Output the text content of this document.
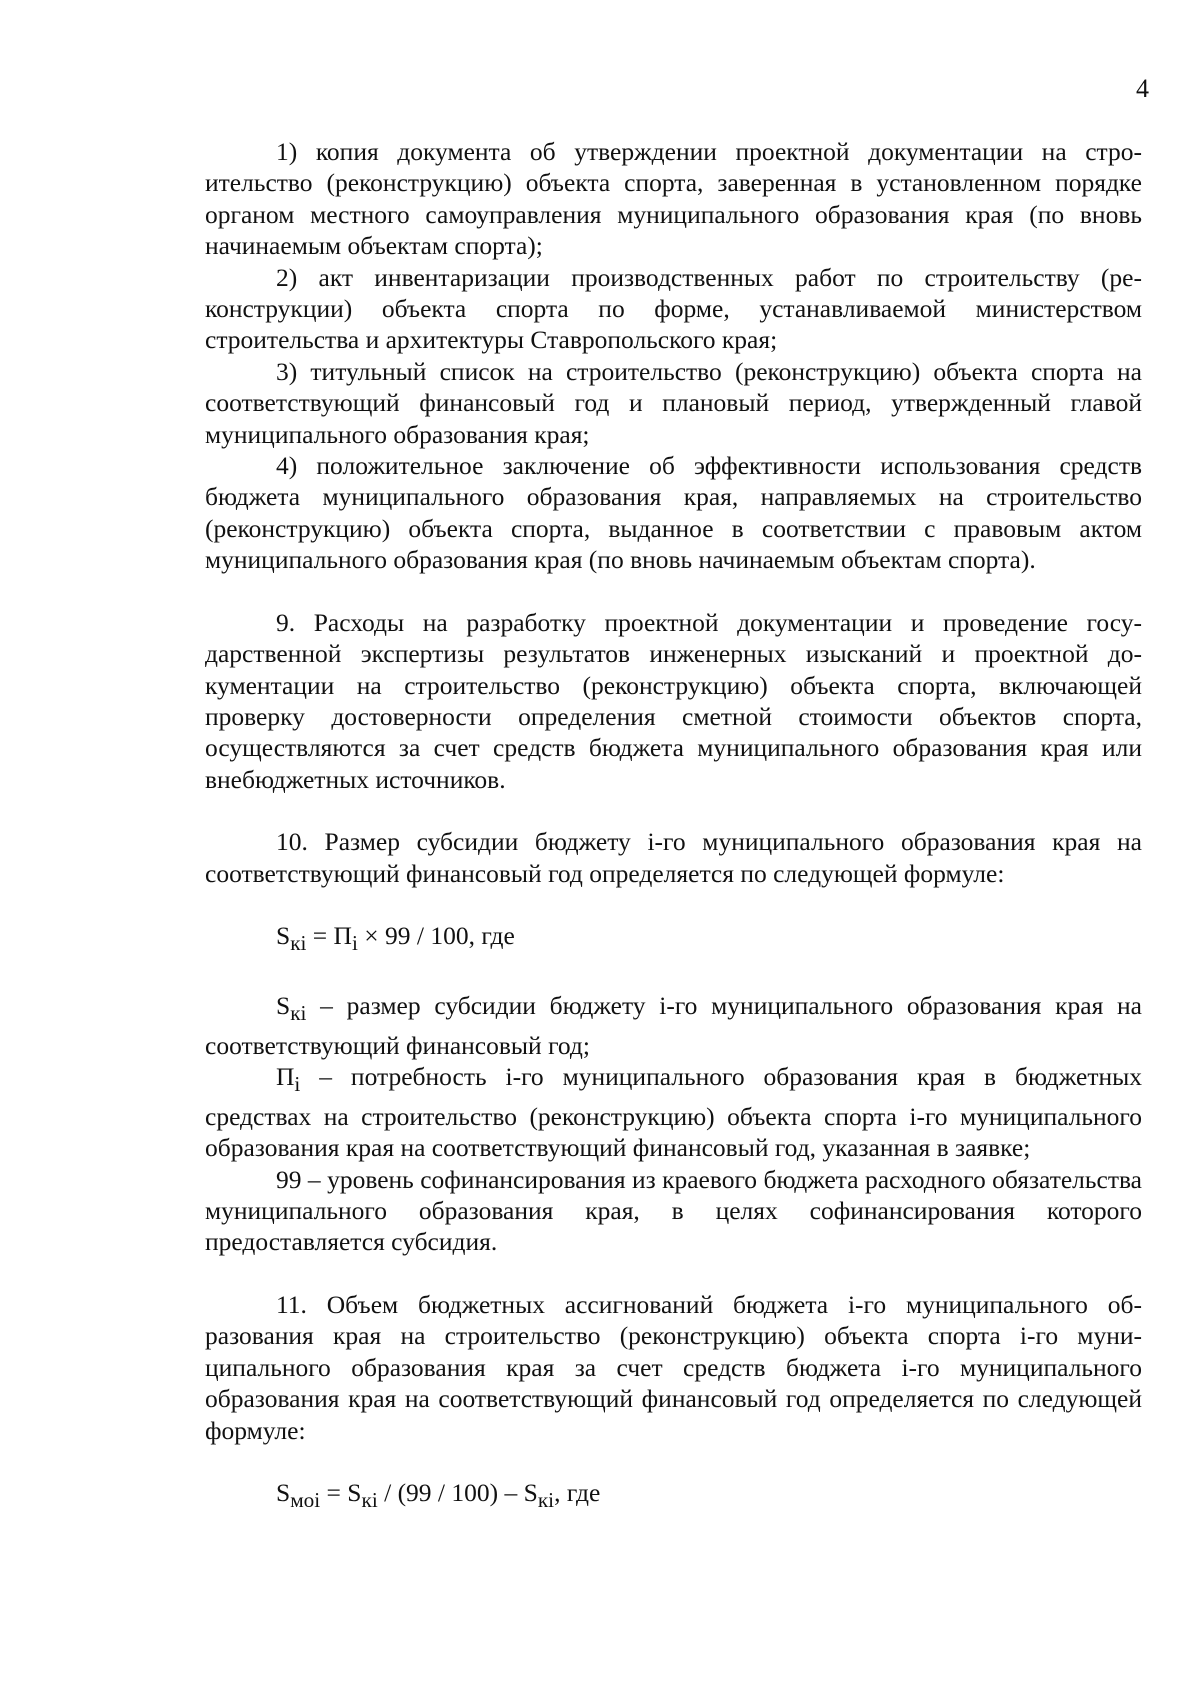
4

1) копия документа об утверждении проектной документации на строительство (реконструкцию) объекта спорта, заверенная в установленном порядке органом местного самоуправления муниципального образования края (по вновь начинаемым объектам спорта);

2) акт инвентаризации производственных работ по строительству (реконструкции) объекта спорта по форме, устанавливаемой министерством строительства и архитектуры Ставропольского края;

3) титульный список на строительство (реконструкцию) объекта спорта на соответствующий финансовый год и плановый период, утвержденный главой муниципального образования края;

4) положительное заключение об эффективности использования средств бюджета муниципального образования края, направляемых на строительство (реконструкцию) объекта спорта, выданное в соответствии с правовым актом муниципального образования края (по вновь начинаемым объектам спорта).

9. Расходы на разработку проектной документации и проведение государственной экспертизы результатов инженерных изысканий и проектной документации на строительство (реконструкцию) объекта спорта, включающей проверку достоверности определения сметной стоимости объектов спорта, осуществляются за счет средств бюджета муниципального образования края или внебюджетных источников.

10. Размер субсидии бюджету i-го муниципального образования края на соответствующий финансовый год определяется по следующей формуле:

$S_{кi} = П_i \times 99 / 100$, где

$S_{кi}$ – размер субсидии бюджету i-го муниципального образования края на соответствующий финансовый год;

$П_i$ – потребность i-го муниципального образования края в бюджетных средствах на строительство (реконструкцию) объекта спорта i-го муниципального образования края на соответствующий финансовый год, указанная в заявке;

99 – уровень софинансирования из краевого бюджета расходного обязательства муниципального образования края, в целях софинансирования которого предоставляется субсидия.

11. Объем бюджетных ассигнований бюджета i-го муниципального образования края на строительство (реконструкцию) объекта спорта i-го муниципального образования края за счет средств бюджета i-го муниципального образования края на соответствующий финансовый год определяется по следующей формуле:

$S_{моi} = S_{кi} / (99 / 100) - S_{кi}$, где
